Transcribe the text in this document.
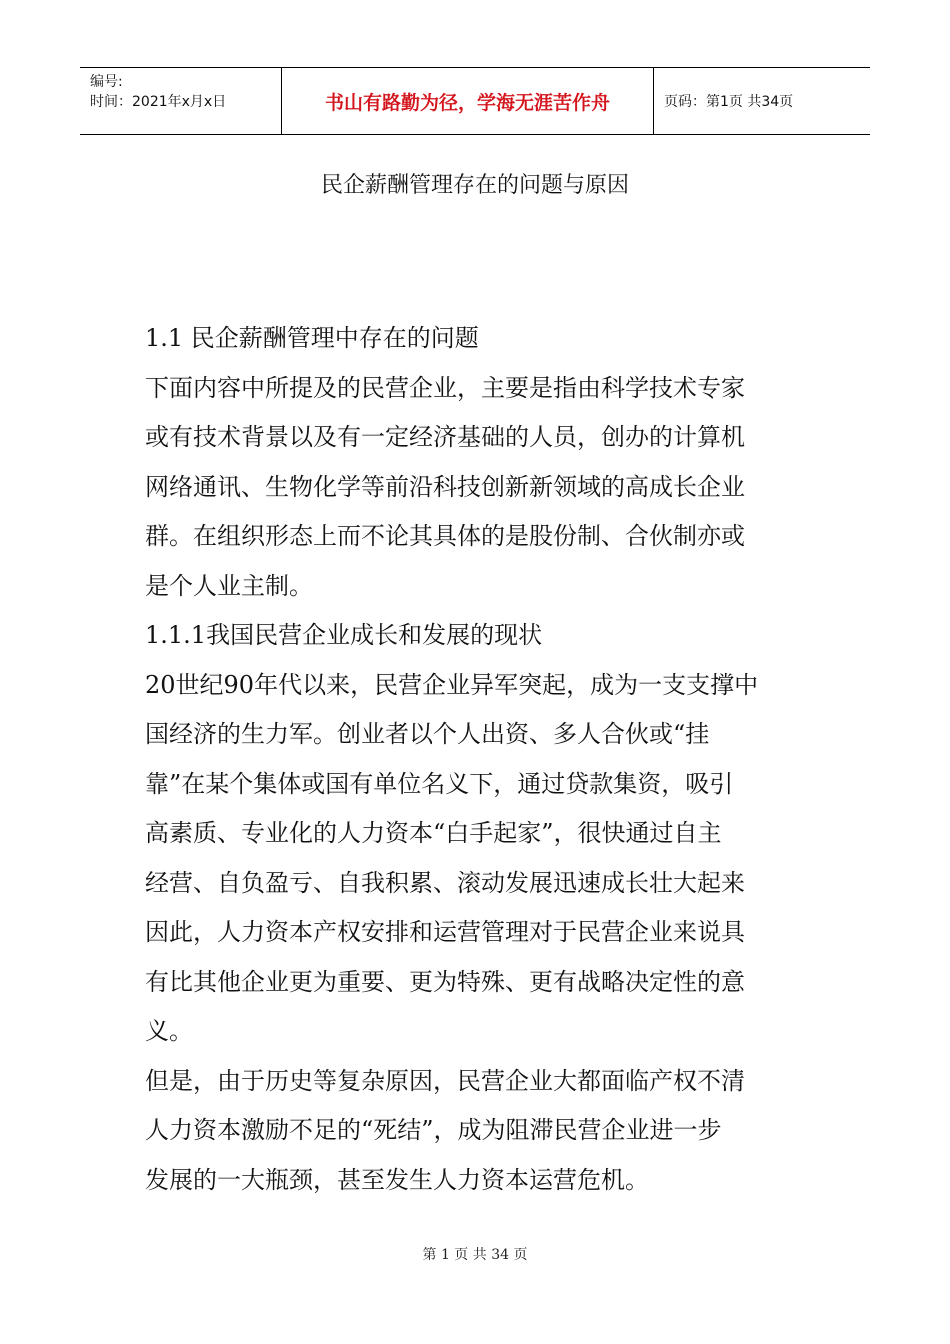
编号:
时间：2021年x月x日	书山有路勤为径，学海无涯苦作舟	页码：第1页 共34页
民企薪酬管理存在的问题与原因

1.1 民企薪酬管理中存在的问题

下面内容中所提及的民营企业，主要是指由科学技术专家

或有技术背景以及有一定经济基础的人员，创办的计算机

网络通讯、生物化学等前沿科技创新新领域的高成长企业

群。在组织形态上而不论其具体的是股份制、合伙制亦或

是个人业主制。

1.1.1我国民营企业成长和发展的现状

20世纪90年代以来，民营企业异军突起，成为一支支撑中

国经济的生力军。创业者以个人出资、多人合伙或“挂

靠”在某个集体或国有单位名义下，通过贷款集资，吸引

高素质、专业化的人力资本“白手起家”，很快通过自主

经营、自负盈亏、自我积累、滚动发展迅速成长壮大起来

因此，人力资本产权安排和运营管理对于民营企业来说具

有比其他企业更为重要、更为特殊、更有战略决定性的意

义。

但是，由于历史等复杂原因，民营企业大都面临产权不清

人力资本激励不足的“死结”，成为阻滞民营企业进一步

发展的一大瓶颈，甚至发生人力资本运营危机。

第 1 页 共 34 页
